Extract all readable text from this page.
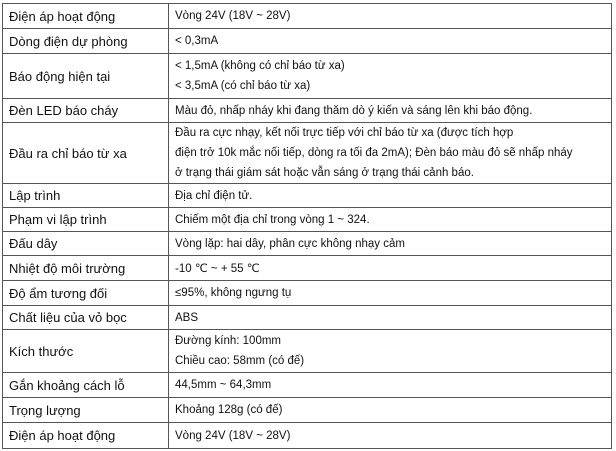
Điện áp hoạt động	Vòng 24V (18V ~ 28V)

Dòng điện dự phòng	< 0,3mA

Báo động hiện tại	< 1,5mA (không có chỉ báo từ xa)
< 3,5mA (có chỉ báo từ xa)

Đèn LED báo cháy	Màu đỏ, nhấp nháy khi đang thăm dò ý kiến và sáng lên khi báo động.

Đầu ra chỉ báo từ xa	Đầu ra cực nhạy, kết nối trực tiếp với chỉ báo từ xa (được tích hợp
điện trở 10k mắc nối tiếp, dòng ra tối đa 2mA); Đèn báo màu đỏ sẽ nhấp nháy
ở trạng thái giám sát hoặc vẫn sáng ở trạng thái cảnh báo.

Lập trình	Địa chỉ điện tử.

Phạm vi lập trình	Chiếm một địa chỉ trong vòng 1 ~ 324.

Đấu dây	Vòng lặp: hai dây, phân cực không nhạy cảm

Nhiệt độ môi trường	-10 ℃ ~ + 55 ℃

Độ ẩm tương đối	≤95%, không ngưng tụ

Chất liệu của vỏ bọc	ABS

Kích thước	Đường kính: 100mm
Chiều cao: 58mm (có đế)

Gắn khoảng cách lỗ	44,5mm ~ 64,3mm

Trọng lượng	Khoảng 128g (có đế)

Điện áp hoạt động	Vòng 24V (18V ~ 28V)
